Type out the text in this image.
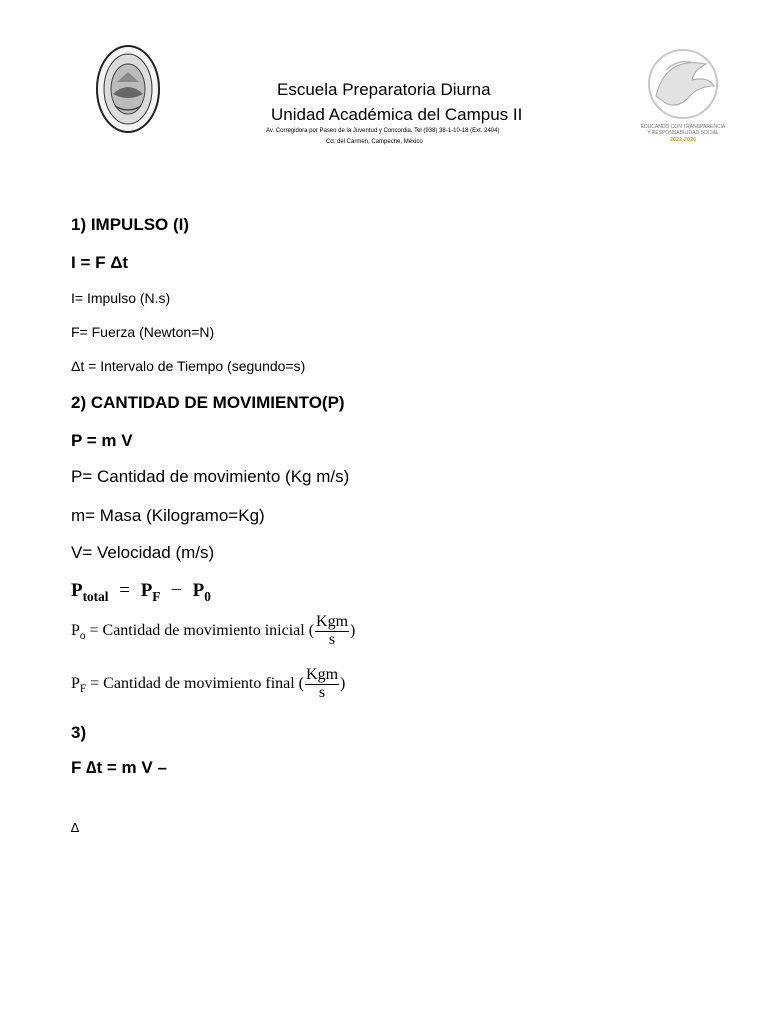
Escuela Preparatoria Diurna
Unidad Académica del Campus II
Av. Corregidora por Paseo de la Juventud y Concordia. Tel (938) 38-1-10-18 (Ext. 2404)
Cd. del Carmen, Campeche, México
EDUCANDO CON TRANSPARENCIA
Y RESPONSABILIDAD SOCIAL
2022-2026
1) IMPULSO (I)
I = F Δt
I= Impulso (N.s)
F= Fuerza (Newton=N)
Δt = Intervalo de Tiempo (segundo=s)
2) CANTIDAD DE MOVIMIENTO(P)
P = m V
P= Cantidad de movimiento (Kg m/s)
m= Masa (Kilogramo=Kg)
V= Velocidad (m/s)
$P_{total} = P_F - P_0$
$P_o$ = Cantidad de movimiento inicial ( $\frac{\text{Kgm}}{s}$ )
$P_F$ = Cantidad de movimiento final ( $\frac{\text{Kgm}}{s}$ )
3)
F ∆t = m V –
∆
